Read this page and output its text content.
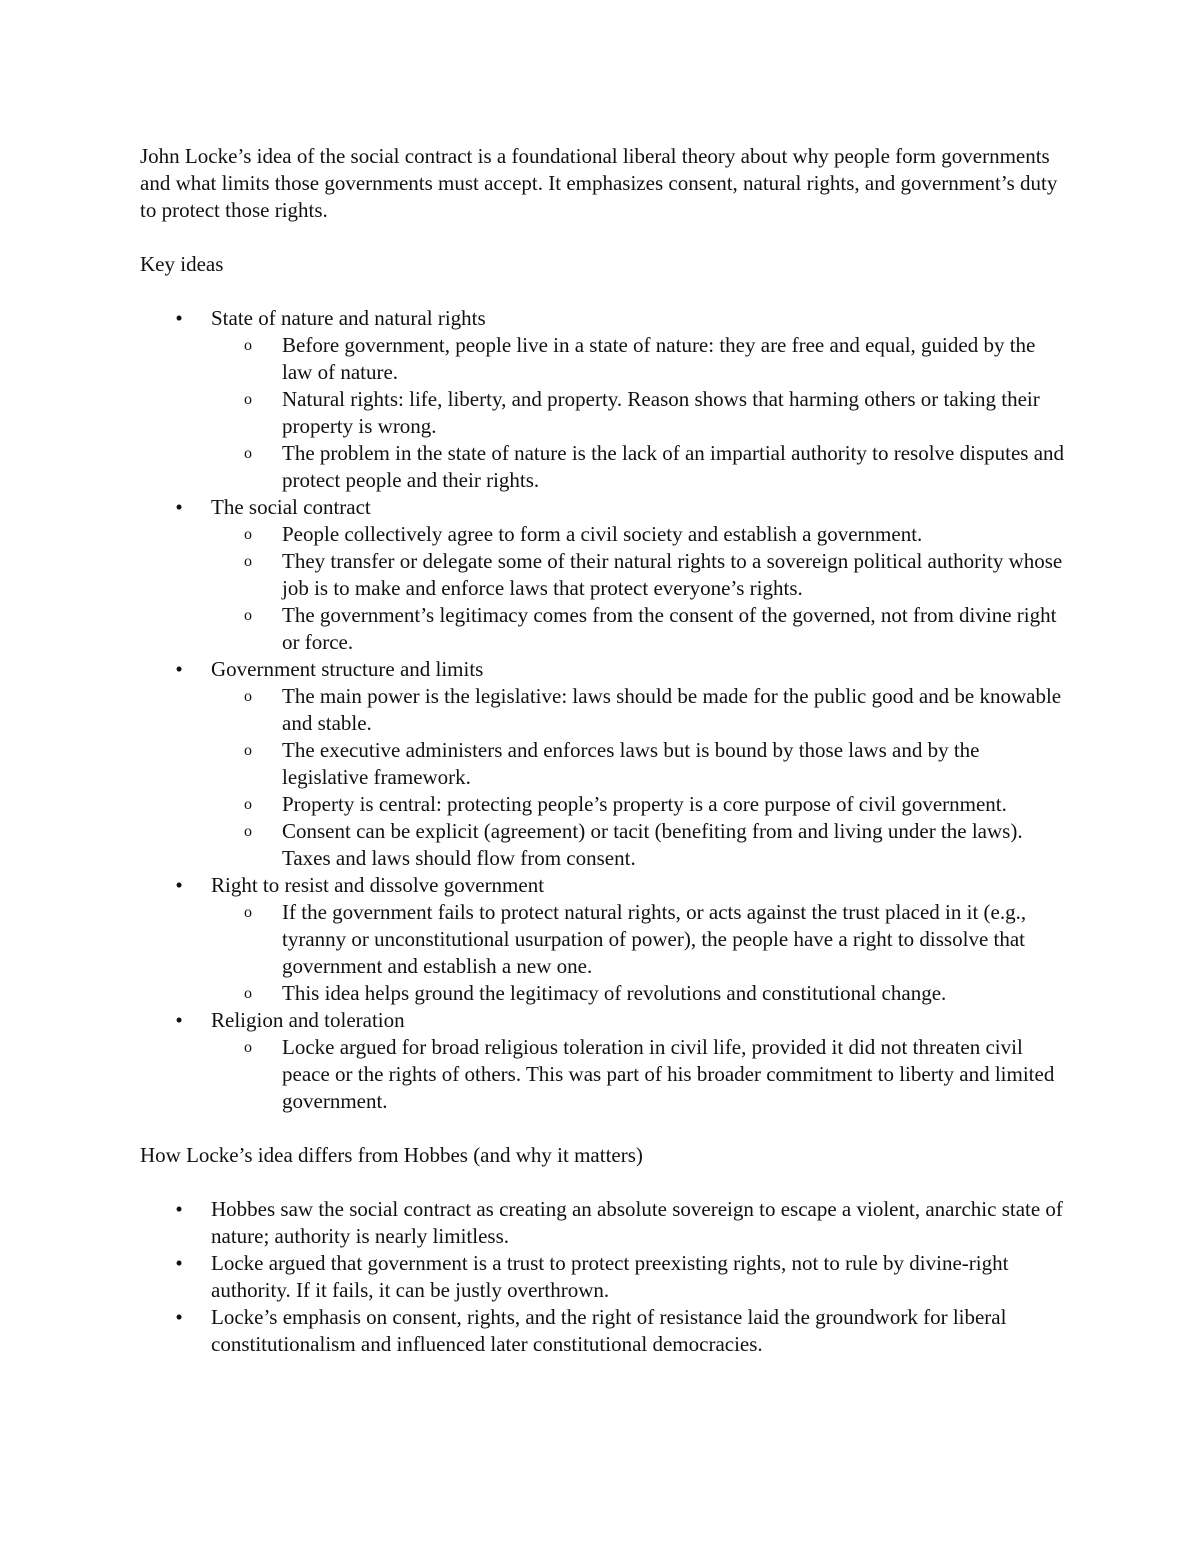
John Locke’s idea of the social contract is a foundational liberal theory about why people form governments and what limits those governments must accept. It emphasizes consent, natural rights, and government’s duty to protect those rights.

Key ideas

• State of nature and natural rights
o Before government, people live in a state of nature: they are free and equal, guided by the law of nature.
o Natural rights: life, liberty, and property. Reason shows that harming others or taking their property is wrong.
o The problem in the state of nature is the lack of an impartial authority to resolve disputes and protect people and their rights.
• The social contract
o People collectively agree to form a civil society and establish a government.
o They transfer or delegate some of their natural rights to a sovereign political authority whose job is to make and enforce laws that protect everyone’s rights.
o The government’s legitimacy comes from the consent of the governed, not from divine right or force.
• Government structure and limits
o The main power is the legislative: laws should be made for the public good and be knowable and stable.
o The executive administers and enforces laws but is bound by those laws and by the legislative framework.
o Property is central: protecting people’s property is a core purpose of civil government.
o Consent can be explicit (agreement) or tacit (benefiting from and living under the laws). Taxes and laws should flow from consent.
• Right to resist and dissolve government
o If the government fails to protect natural rights, or acts against the trust placed in it (e.g., tyranny or unconstitutional usurpation of power), the people have a right to dissolve that government and establish a new one.
o This idea helps ground the legitimacy of revolutions and constitutional change.
• Religion and toleration
o Locke argued for broad religious toleration in civil life, provided it did not threaten civil peace or the rights of others. This was part of his broader commitment to liberty and limited government.

How Locke’s idea differs from Hobbes (and why it matters)

• Hobbes saw the social contract as creating an absolute sovereign to escape a violent, anarchic state of nature; authority is nearly limitless.
• Locke argued that government is a trust to protect preexisting rights, not to rule by divine-right authority. If it fails, it can be justly overthrown.
• Locke’s emphasis on consent, rights, and the right of resistance laid the groundwork for liberal constitutionalism and influenced later constitutional democracies.
